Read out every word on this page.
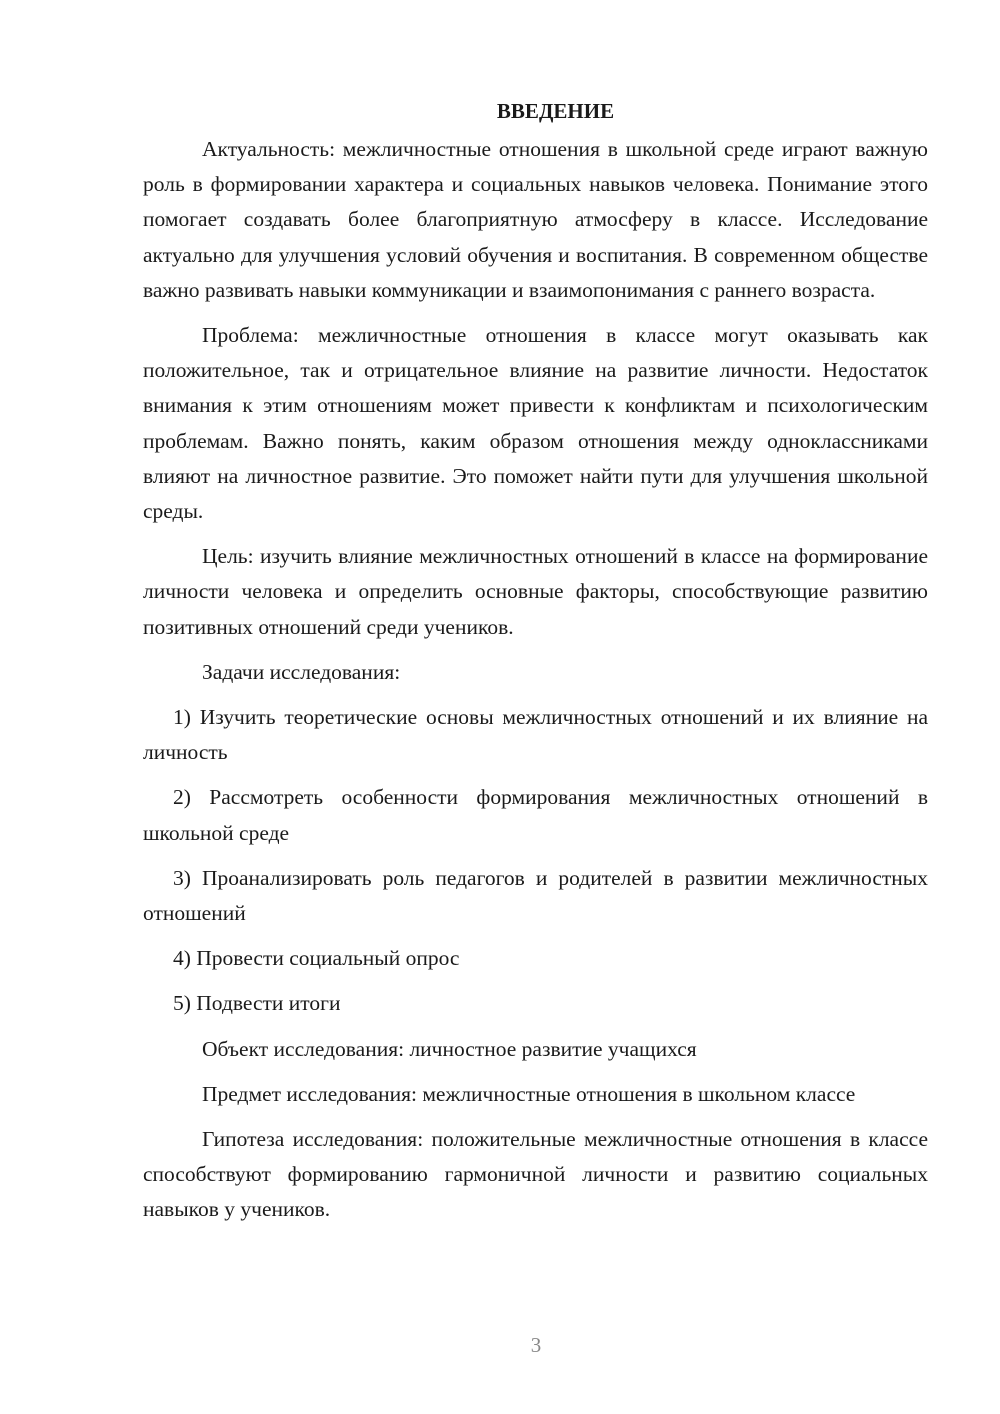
ВВЕДЕНИЕ

Актуальность: межличностные отношения в школьной среде играют важную роль в формировании характера и социальных навыков человека. Понимание этого помогает создавать более благоприятную атмосферу в классе. Исследование актуально для улучшения условий обучения и воспитания. В современном обществе важно развивать навыки коммуникации и взаимопонимания с раннего возраста.

Проблема: межличностные отношения в классе могут оказывать как положительное, так и отрицательное влияние на развитие личности. Недостаток внимания к этим отношениям может привести к конфликтам и психологическим проблемам. Важно понять, каким образом отношения между одноклассниками влияют на личностное развитие. Это поможет найти пути для улучшения школьной среды.

Цель: изучить влияние межличностных отношений в классе на формирование личности человека и определить основные факторы, способствующие развитию позитивных отношений среди учеников.

Задачи исследования:

1) Изучить теоретические основы межличностных отношений и их влияние на личность

2) Рассмотреть особенности формирования межличностных отношений в школьной среде

3) Проанализировать роль педагогов и родителей в развитии межличностных отношений

4) Провести социальный опрос

5) Подвести итоги

Объект исследования: личностное развитие учащихся

Предмет исследования: межличностные отношения в школьном классе

Гипотеза исследования: положительные межличностные отношения в классе способствуют формированию гармоничной личности и развитию социальных навыков у учеников.

3
